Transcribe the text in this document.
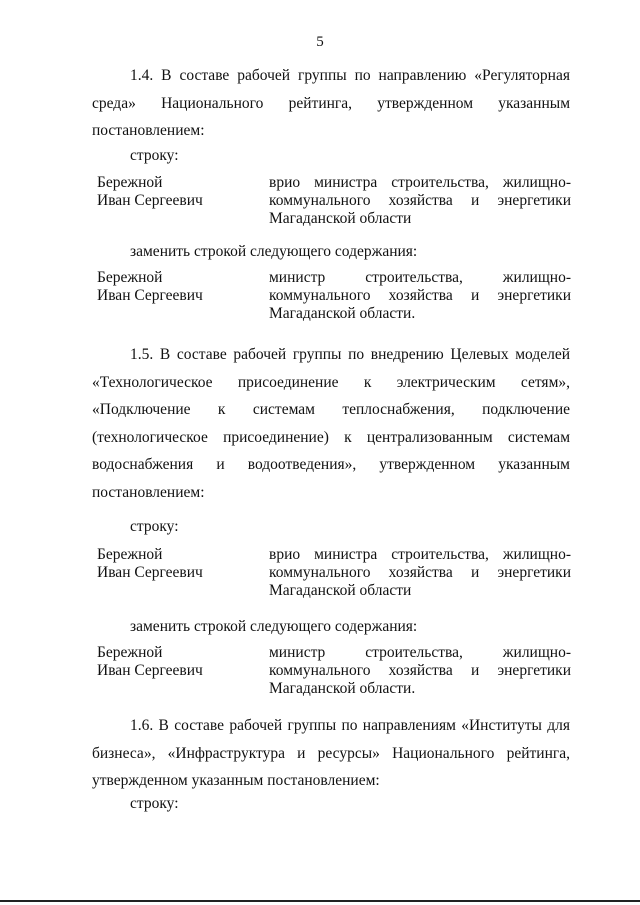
5
1.4. В составе рабочей группы по направлению «Регуляторная
среда» Национального рейтинга, утвержденном указанным
постановлением:
строку:
Бережной
Иван Сергеевич
врио министра строительства, жилищно-
коммунального хозяйства и энергетики
Магаданской области
заменить строкой следующего содержания:
Бережной
Иван Сергеевич
министр строительства, жилищно-
коммунального хозяйства и энергетики
Магаданской области.
1.5. В составе рабочей группы по внедрению Целевых моделей
«Технологическое присоединение к электрическим сетям»,
«Подключение к системам теплоснабжения, подключение
(технологическое присоединение) к централизованным системам
водоснабжения и водоотведения», утвержденном указанным
постановлением:
строку:
Бережной
Иван Сергеевич
врио министра строительства, жилищно-
коммунального хозяйства и энергетики
Магаданской области
заменить строкой следующего содержания:
Бережной
Иван Сергеевич
министр строительства, жилищно-
коммунального хозяйства и энергетики
Магаданской области.
1.6. В составе рабочей группы по направлениям «Институты для
бизнеса», «Инфраструктура и ресурсы» Национального рейтинга,
утвержденном указанным постановлением:
строку:
